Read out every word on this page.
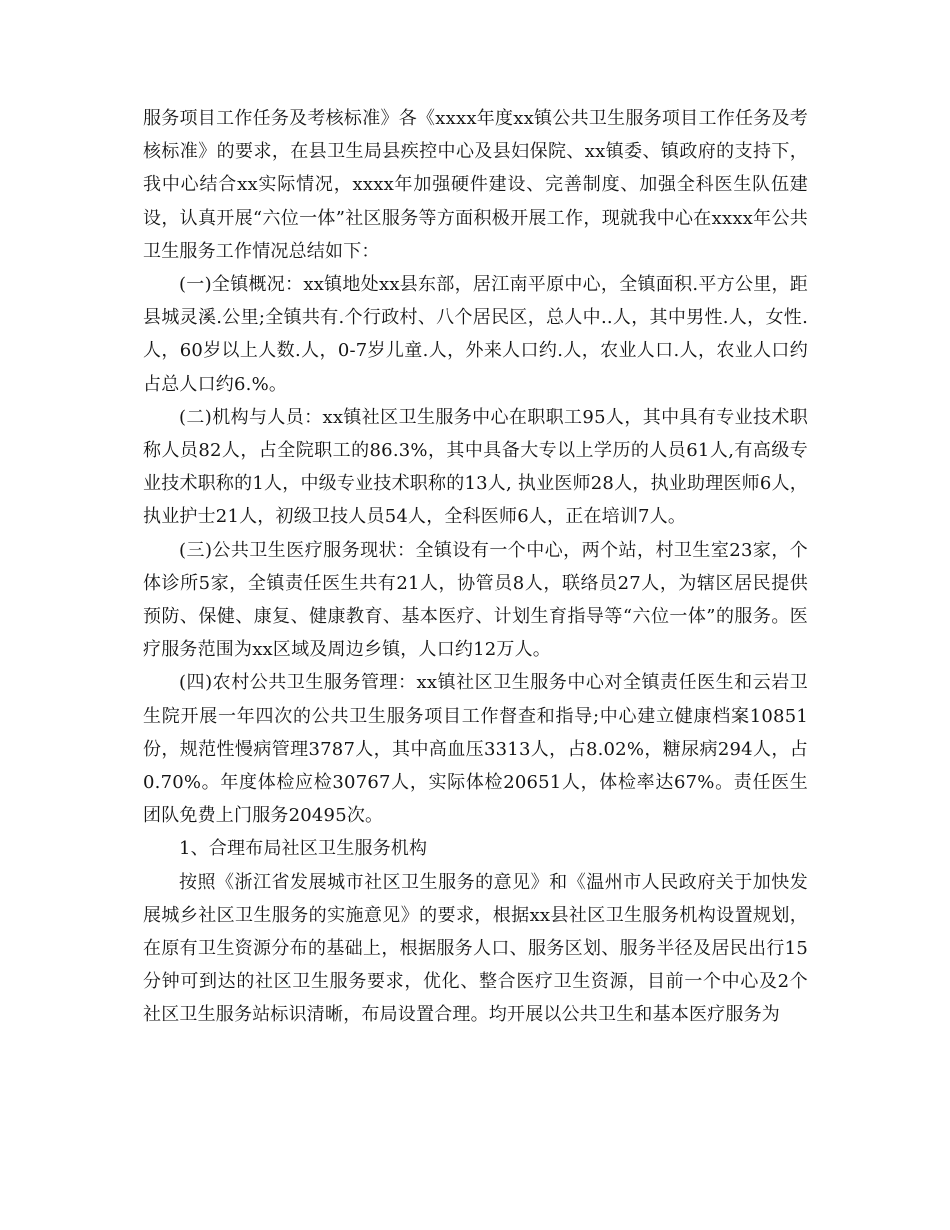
服务项目工作任务及考核标准》各《xxxx年度xx镇公共卫生服务项目工作任务及考核标准》的要求，在县卫生局县疾控中心及县妇保院、xx镇委、镇政府的支持下，我中心结合xx实际情况，xxxx年加强硬件建设、完善制度、加强全科医生队伍建设，认真开展“六位一体”社区服务等方面积极开展工作，现就我中心在xxxx年公共卫生服务工作情况总结如下：

(一)全镇概况：xx镇地处xx县东部，居江南平原中心，全镇面积.平方公里，距县城灵溪.公里;全镇共有.个行政村、八个居民区，总人中..人，其中男性.人，女性.人，60岁以上人数.人，0-7岁儿童.人，外来人口约.人，农业人口.人，农业人口约占总人口约6.%。

(二)机构与人员：xx镇社区卫生服务中心在职职工95人，其中具有专业技术职称人员82人，占全院职工的86.3%，其中具备大专以上学历的人员61人,有高级专业技术职称的1人，中级专业技术职称的13人, 执业医师28人，执业助理医师6人，执业护士21人，初级卫技人员54人，全科医师6人，正在培训7人。

(三)公共卫生医疗服务现状：全镇设有一个中心，两个站，村卫生室23家，个体诊所5家，全镇责任医生共有21人，协管员8人，联络员27人，为辖区居民提供预防、保健、康复、健康教育、基本医疗、计划生育指导等“六位一体”的服务。医疗服务范围为xx区域及周边乡镇，人口约12万人。

(四)农村公共卫生服务管理：xx镇社区卫生服务中心对全镇责任医生和云岩卫生院开展一年四次的公共卫生服务项目工作督查和指导;中心建立健康档案10851份，规范性慢病管理3787人，其中高血压3313人，占8.02%，糖尿病294人，占0.70%。年度体检应检30767人，实际体检20651人，体检率达67%。责任医生团队免费上门服务20495次。

1、合理布局社区卫生服务机构

按照《浙江省发展城市社区卫生服务的意见》和《温州市人民政府关于加快发展城乡社区卫生服务的实施意见》的要求，根据xx县社区卫生服务机构设置规划，在原有卫生资源分布的基础上，根据服务人口、服务区划、服务半径及居民出行15分钟可到达的社区卫生服务要求，优化、整合医疗卫生资源，目前一个中心及2个社区卫生服务站标识清晰，布局设置合理。均开展以公共卫生和基本医疗服务为
